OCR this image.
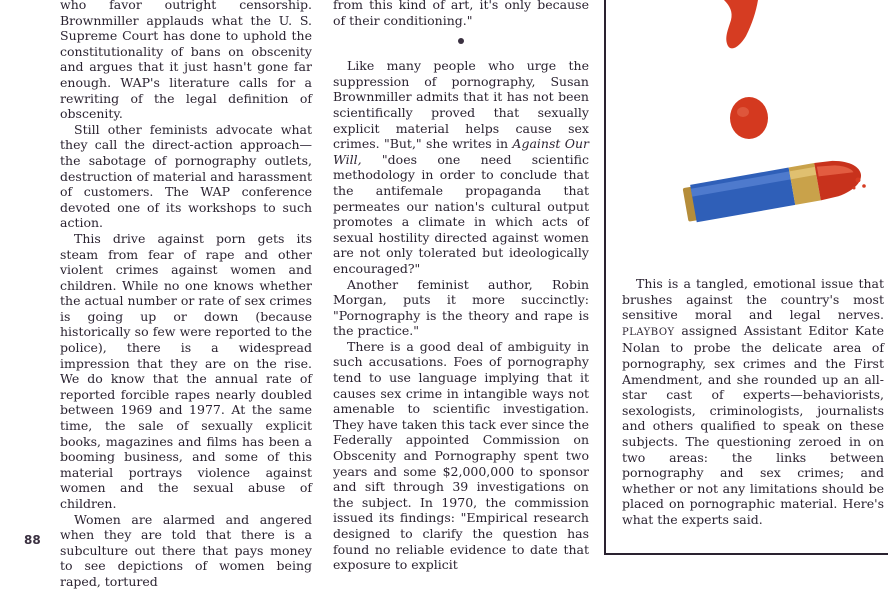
who favor outright censorship. Brownmiller applauds what the U. S. Supreme Court has done to uphold the constitutionality of bans on obscenity and argues that it just hasn't gone far enough. WAP's literature calls for a rewriting of the legal definition of obscenity.

Still other feminists advocate what they call the direct-action approach—the sabotage of pornography outlets, destruction of material and harassment of customers. The WAP conference devoted one of its workshops to such action.

This drive against porn gets its steam from fear of rape and other violent crimes against women and children. While no one knows whether the actual number or rate of sex crimes is going up or down (because historically so few were reported to the police), there is a widespread impression that they are on the rise. We do know that the annual rate of reported forcible rapes nearly doubled between 1969 and 1977. At the same time, the sale of sexually explicit books, magazines and films has been a booming business, and some of this material portrays violence against women and the sexual abuse of children.

Women are alarmed and angered when they are told that there is a subculture out there that pays money to see depictions of women being raped, tortured

from this kind of art, it's only because of their conditioning."

Like many people who urge the suppression of pornography, Susan Brownmiller admits that it has not been scientifically proved that sexually explicit material helps cause sex crimes. "But," she writes in Against Our Will, "does one need scientific methodology in order to conclude that the antifemale propaganda that permeates our nation's cultural output promotes a climate in which acts of sexual hostility directed against women are not only tolerated but ideologically encouraged?"

Another feminist author, Robin Morgan, puts it more succinctly: "Pornography is the theory and rape is the practice."

There is a good deal of ambiguity in such accusations. Foes of pornography tend to use language implying that it causes sex crime in intangible ways not amenable to scientific investigation. They have taken this tack ever since the Federally appointed Commission on Obscenity and Pornography spent two years and some $2,000,000 to sponsor and sift through 39 investigations on the subject. In 1970, the commission issued its findings: "Empirical research designed to clarify the question has found no reliable evidence to date that exposure to explicit

88

This is a tangled, emotional issue that brushes against the country's most sensitive moral and legal nerves. PLAYBOY assigned Assistant Editor Kate Nolan to probe the delicate area of pornography, sex crimes and the First Amendment, and she rounded up an all-star cast of experts—behaviorists, sexologists, criminologists, journalists and others qualified to speak on these subjects. The questioning zeroed in on two areas: the links between pornography and sex crimes; and whether or not any limitations should be placed on pornographic material. Here's what the experts said.
